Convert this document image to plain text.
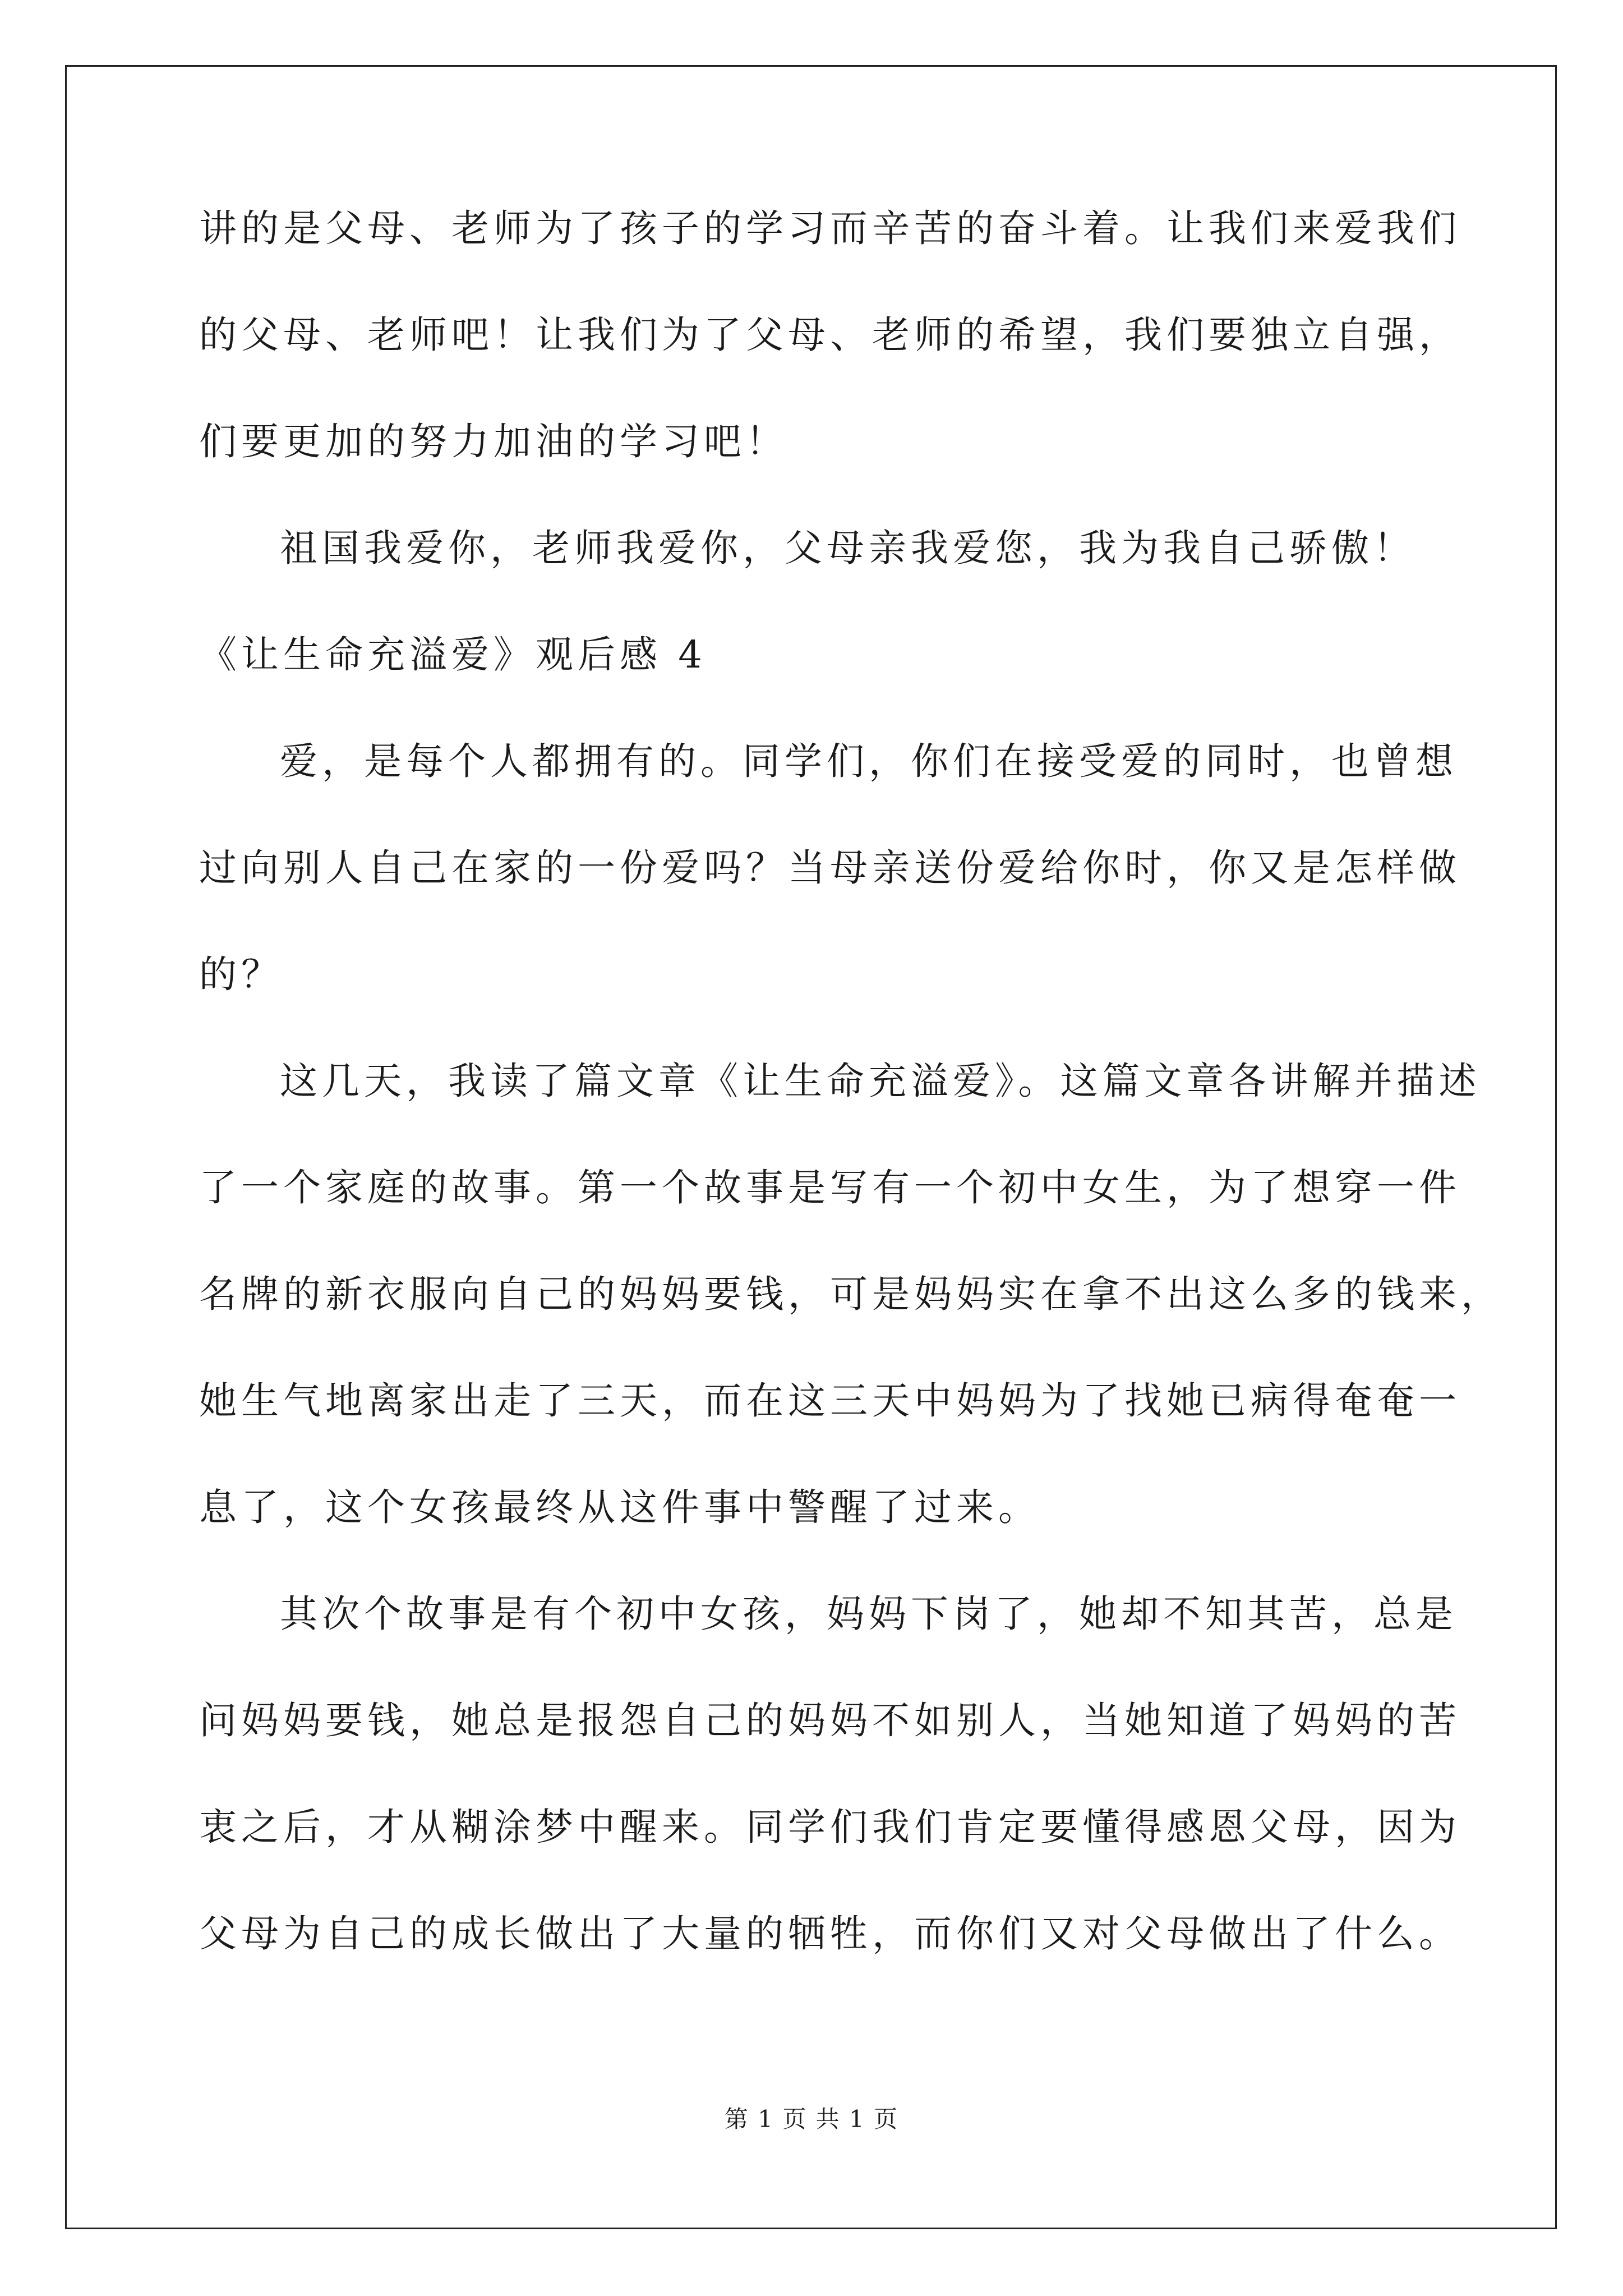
讲的是父母、老师为了孩子的学习而辛苦的奋斗着。让我们来爱我们
的父母、老师吧！让我们为了父母、老师的希望，我们要独立自强，
们要更加的努力加油的学习吧！
祖国我爱你，老师我爱你，父母亲我爱您，我为我自己骄傲！
《让生命充溢爱》观后感 4
爱，是每个人都拥有的。同学们，你们在接受爱的同时，也曾想
过向别人自己在家的一份爱吗？当母亲送份爱给你时，你又是怎样做
的？
这几天，我读了篇文章《让生命充溢爱》。这篇文章各讲解并描述
了一个家庭的故事。第一个故事是写有一个初中女生，为了想穿一件
名牌的新衣服向自己的妈妈要钱，可是妈妈实在拿不出这么多的钱来，
她生气地离家出走了三天，而在这三天中妈妈为了找她已病得奄奄一
息了，这个女孩最终从这件事中警醒了过来。
其次个故事是有个初中女孩，妈妈下岗了，她却不知其苦，总是
问妈妈要钱，她总是报怨自己的妈妈不如别人，当她知道了妈妈的苦
衷之后，才从糊涂梦中醒来。同学们我们肯定要懂得感恩父母，因为
父母为自己的成长做出了大量的牺牲，而你们又对父母做出了什么。
第 1 页 共 1 页
